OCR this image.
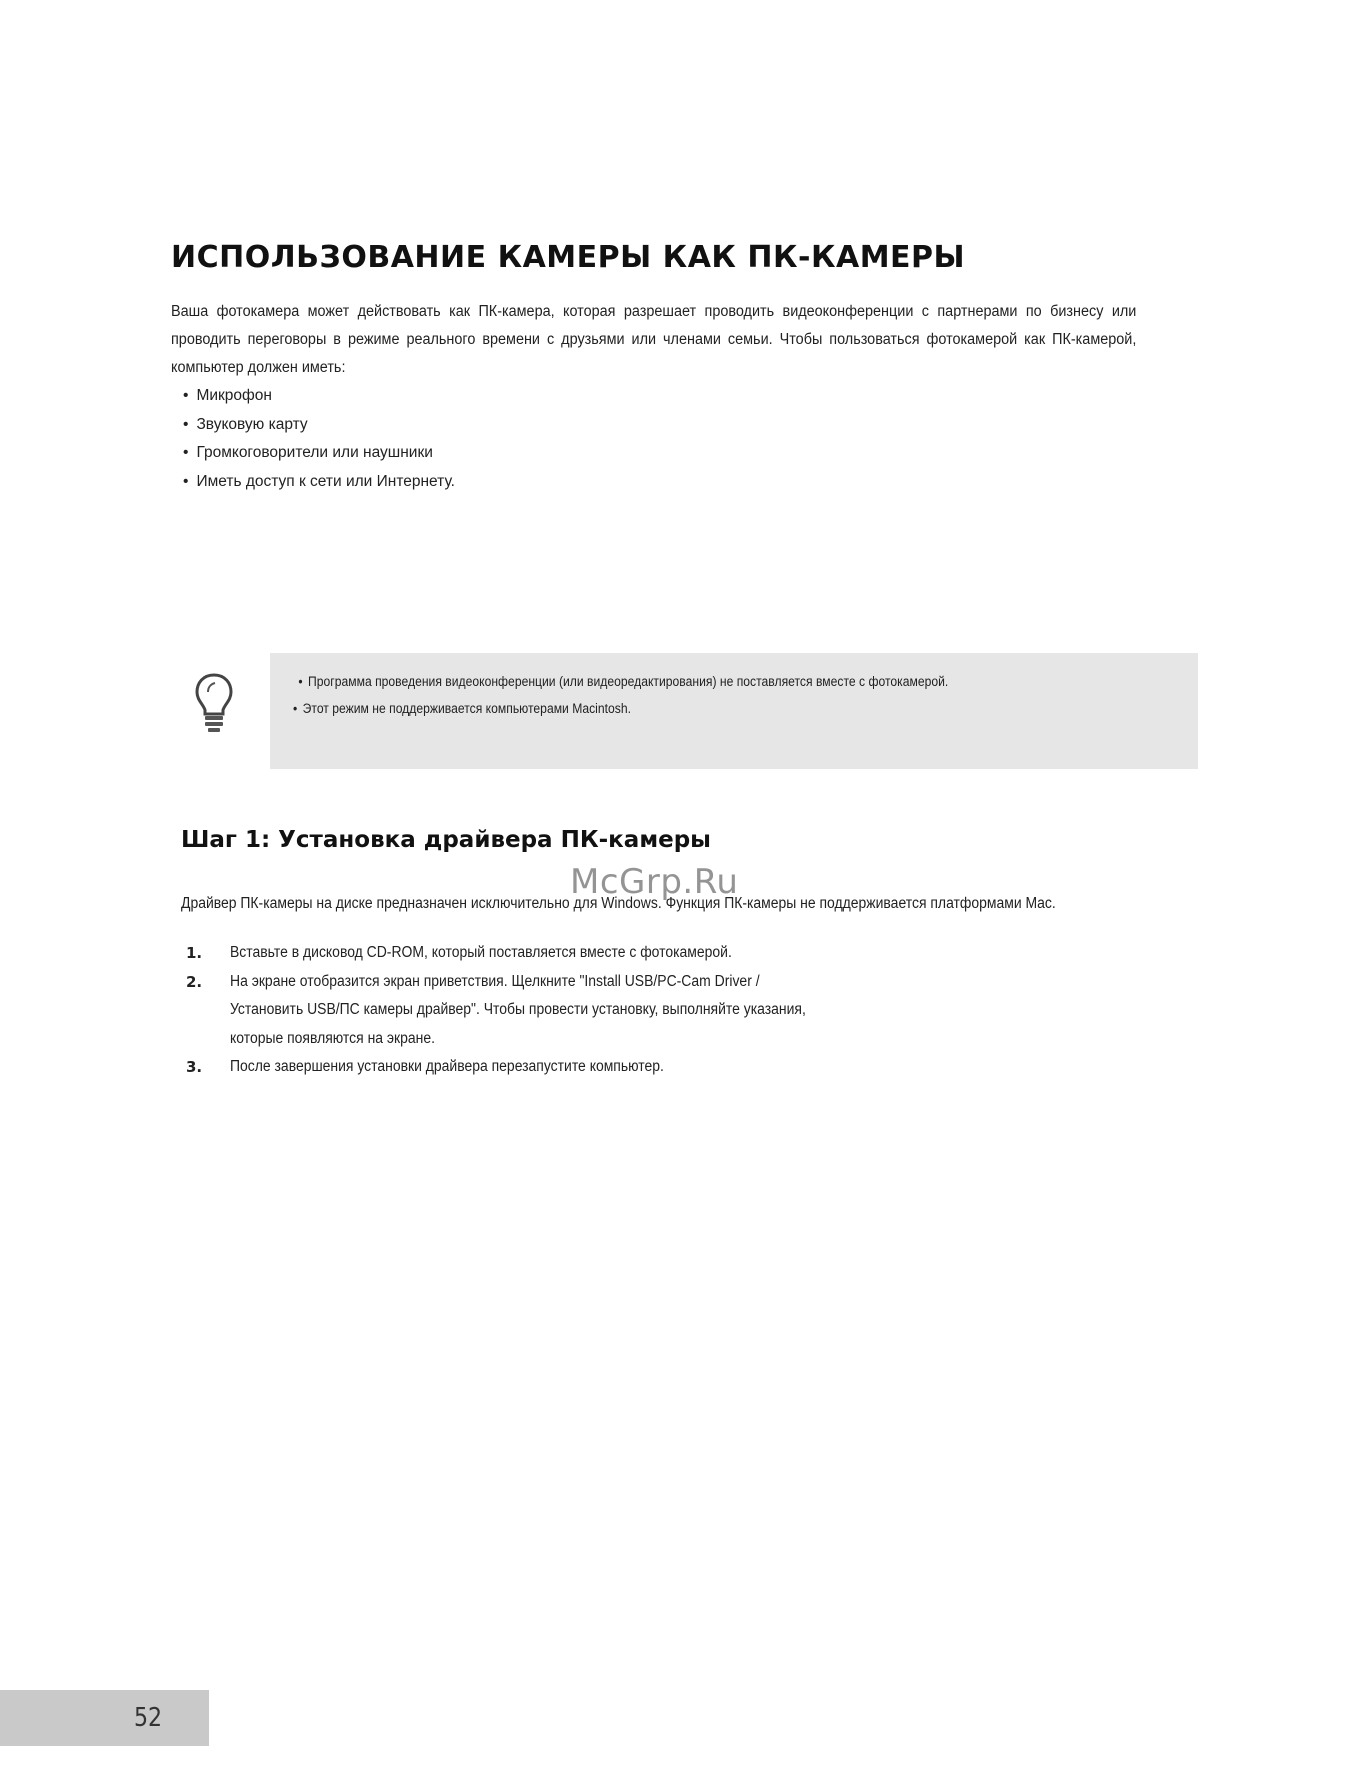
ИСПОЛЬЗОВАНИЕ КАМЕРЫ КАК ПК-КАМЕРЫ

Ваша фотокамера может действовать как ПК-камера, которая разрешает проводить видеоконференции с партнерами по бизнесу или проводить переговоры в режиме реального времени с друзьями или членами семьи. Чтобы пользоваться фотокамерой как ПК-камерой, компьютер должен иметь:

• Микрофон
• Звуковую карту
• Громкоговорители или наушники
• Иметь доступ к сети или Интернету.
• Программа проведения видеоконференции (или видеоредактирования) не поставляется вместе с фотокамерой.
• Этот режим не поддерживается компьютерами Macintosh.
Шаг 1: Установка драйвера ПК-камеры

Драйвер ПК-камеры на диске предназначен исключительно для Windows. Функция ПК-камеры не поддерживается платформами Mac.

1. Вставьте в дисковод CD-ROM, который поставляется вместе с фотокамерой.
2. На экране отобразится экран приветствия. Щелкните "Install USB/PC-Cam Driver /
Установить USB/ПС камеры драйвер". Чтобы провести установку, выполняйте указания,
которые появляются на экране.
3. После завершения установки драйвера перезапустите компьютер.

McGrp.Ru

52
